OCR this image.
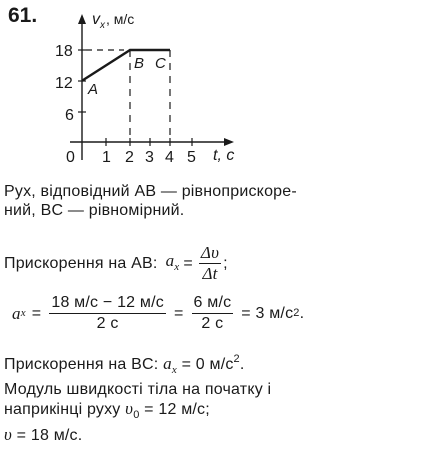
61.	v x , м/с
18
12
6
0 1 2 3 4 5 t, c
A
B C
Рух, відповідний AB — рівноприскоре-
ний, BC — рівномірний.
Прискорення на AB: $a_x = \frac{\Delta\upsilon}{\Delta t}$ ;
a $x = \frac{18 м/с - 12 м/с}{2 с} = \frac{6 м/с}{2 с} = 3$ м/с 2 .
Прискорення на BC: $a_x = 0$ $м/с^2$.
Модуль швидкості тіла на початку і
наприкінці руху $\upsilon_0 = 12$ м/с;
υ = 18 м/с.
